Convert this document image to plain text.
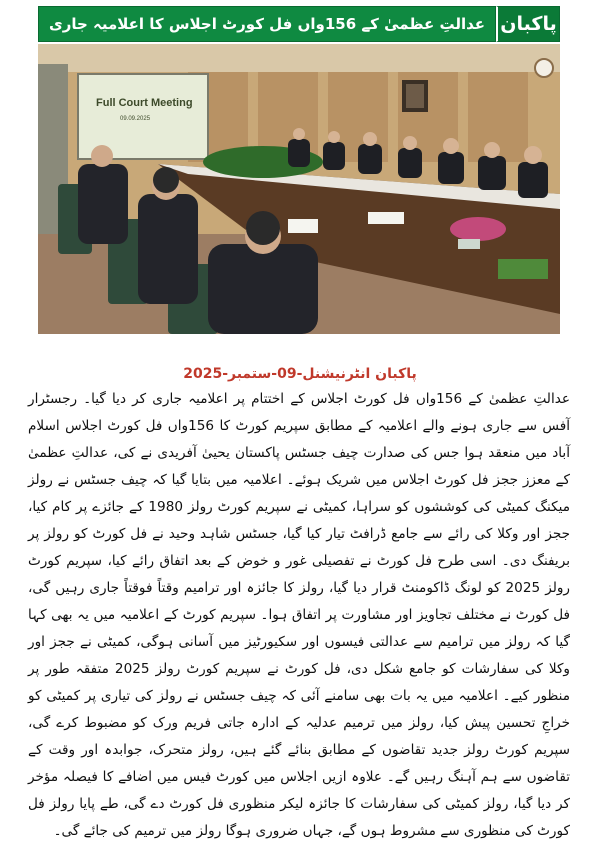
عدالتِ عظمیٰ کے 156واں فل کورٹ اجلاس کا اعلامیہ جاری پاکبان
Full Court Meeting
09.09.2025
پاکبان انٹرنیشنل-09-ستمبر-2025
عدالتِ عظمیٰ کے 156واں فل کورٹ اجلاس کے اختتام پر اعلامیہ جاری کر دیا گیا۔ رجسٹرار آفس سے جاری ہونے والے اعلامیہ کے مطابق سپریم کورٹ کا 156واں فل کورٹ اجلاس اسلام آباد میں منعقد ہوا جس کی صدارت چیف جسٹس پاکستان یحییٰ آفریدی نے کی، عدالتِ عظمیٰ کے معزز ججز فل کورٹ اجلاس میں شریک ہوئے۔ اعلامیہ میں بتایا گیا کہ چیف جسٹس نے رولز میکنگ کمیٹی کی کوششوں کو سراہا، کمیٹی نے سپریم کورٹ رولز 1980 کے جائزے پر کام کیا، ججز اور وکلا کی رائے سے جامع ڈرافٹ تیار کیا گیا، جسٹس شاہد وحید نے فل کورٹ کو رولز پر بریفنگ دی۔ اسی طرح فل کورٹ نے تفصیلی غور و خوض کے بعد اتفاق رائے کیا، سپریم کورٹ رولز 2025 کو لونگ ڈاکومنٹ قرار دیا گیا، رولز کا جائزہ اور ترامیم وقتاً فوقتاً جاری رہیں گی، فل کورٹ نے مختلف تجاویز اور مشاورت پر اتفاق ہوا۔ سپریم کورٹ کے اعلامیہ میں یہ بھی کہا گیا کہ رولز میں ترامیم سے عدالتی فیسوں اور سکیورٹیز میں آسانی ہوگی، کمیٹی نے ججز اور وکلا کی سفارشات کو جامع شکل دی، فل کورٹ نے سپریم کورٹ رولز 2025 متفقہ طور پر منظور کیے۔ اعلامیہ میں یہ بات بھی سامنے آئی کہ چیف جسٹس نے رولز کی تیاری پر کمیٹی کو خراجِ تحسین پیش کیا، رولز میں ترمیم عدلیہ کے ادارہ جاتی فریم ورک کو مضبوط کرے گی، سپریم کورٹ رولز جدید تقاضوں کے مطابق بنائے گئے ہیں، رولز متحرک، جوابدہ اور وقت کے تقاضوں سے ہم آہنگ رہیں گے۔ علاوہ ازیں اجلاس میں کورٹ فیس میں اضافے کا فیصلہ مؤخر کر دیا گیا، رولز کمیٹی کی سفارشات کا جائزہ لیکر منظوری فل کورٹ دے گی، طے پایا رولز فل کورٹ کی منظوری سے مشروط ہوں گے، جہاں ضروری ہوگا رولز میں ترمیم کی جائے گی۔
